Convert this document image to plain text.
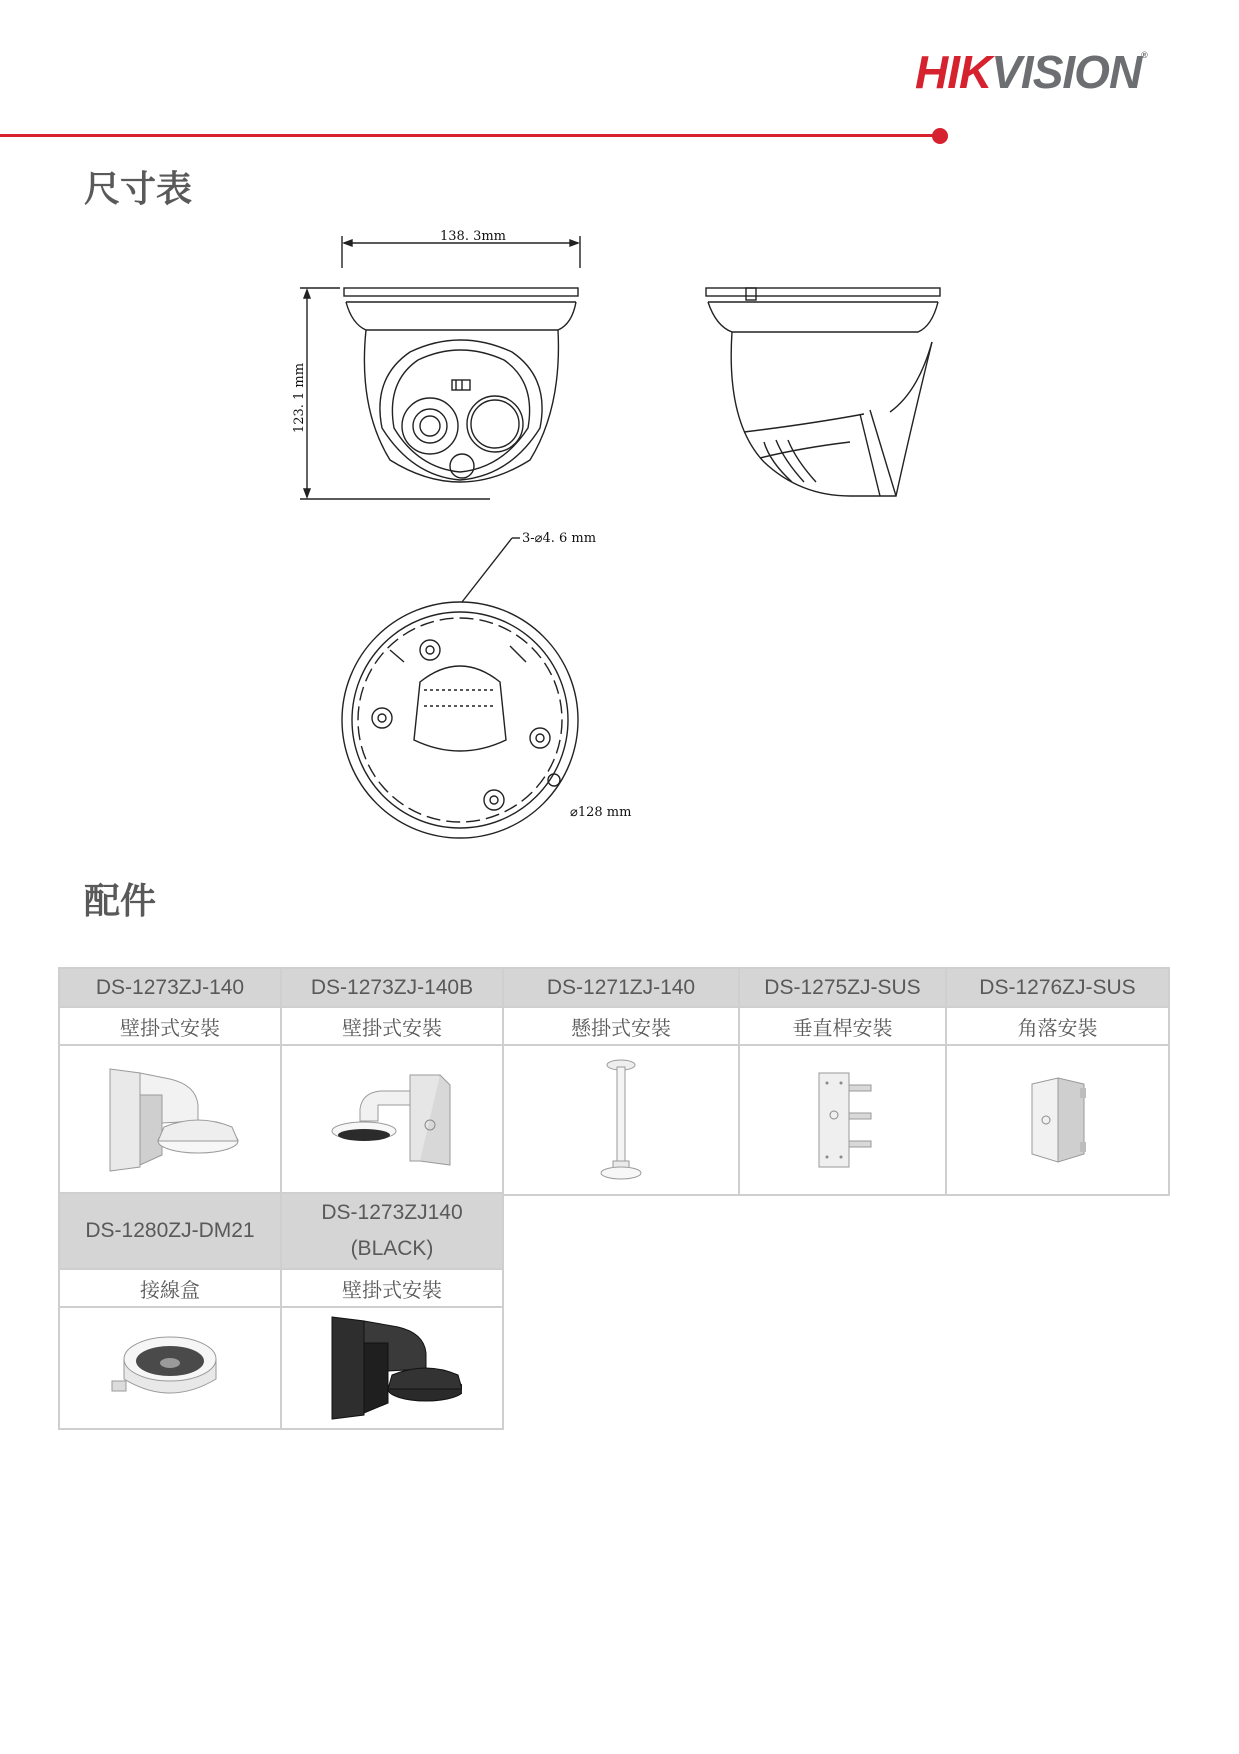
HIKVISION®
尺寸表
138. 3mm
123. 1 mm
3-⌀4. 6 mm
⌀128 mm
配件
DS-1273ZJ-140	DS-1273ZJ-140B	DS-1271ZJ-140	DS-1275ZJ-SUS	DS-1276ZJ-SUS
壁掛式安裝	壁掛式安裝	懸掛式安裝	垂直桿安裝	角落安裝

DS-1280ZJ-DM21	DS-1273ZJ140
(BLACK)
接線盒	壁掛式安裝
